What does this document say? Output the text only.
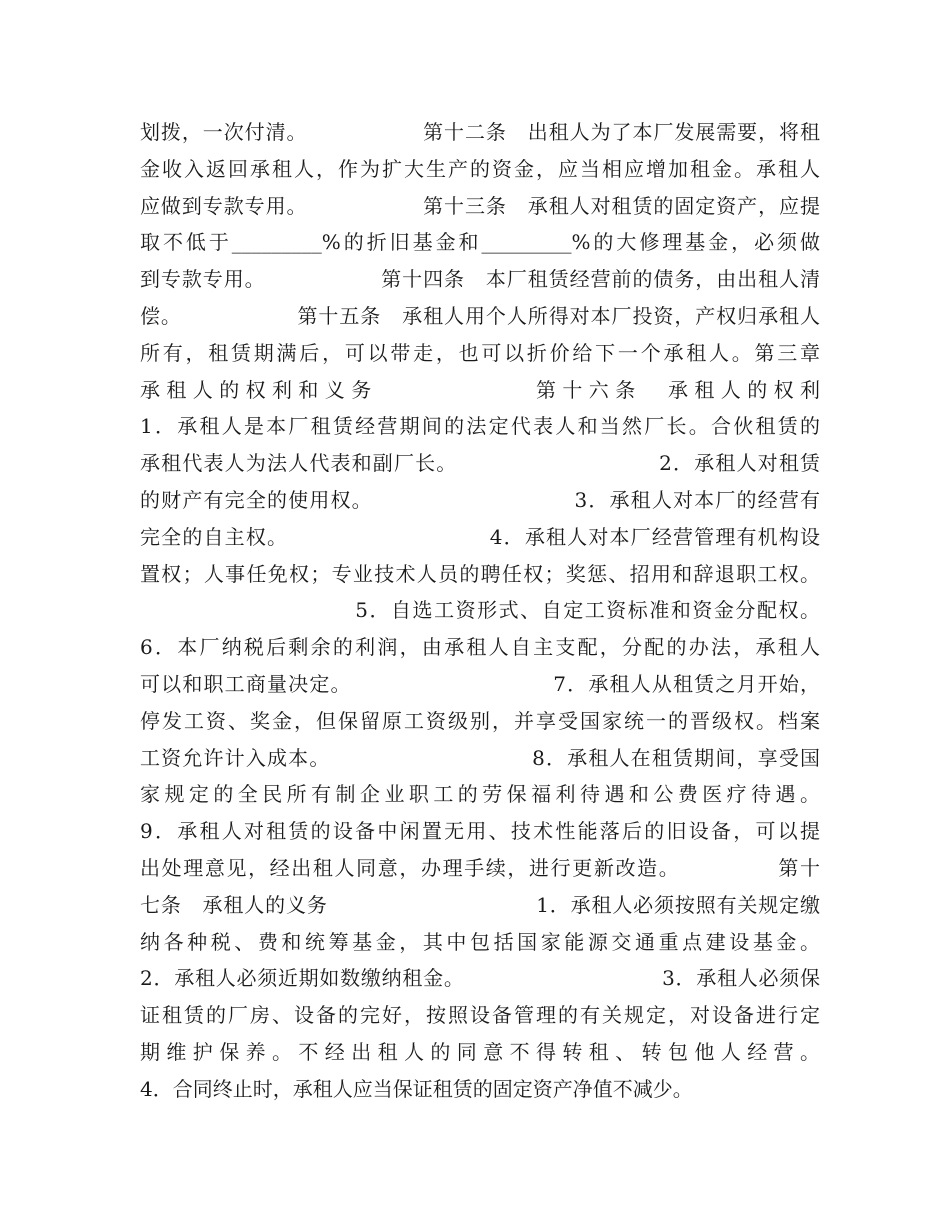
划拨，一次付清。　　　　　　第十二条　出租人为了本厂发展需要，将租
金收入返回承租人，作为扩大生产的资金，应当相应增加租金。承租人
应做到专款专用。　　　　　　第十三条　承租人对租赁的固定资产，应提
取不低于_________%的折旧基金和_________%的大修理基金，必须做
到专款专用。　　　　　　第十四条　本厂租赁经营前的债务，由出租人清
偿。　　　　　　第十五条　承租人用个人所得对本厂投资，产权归承租人
所有，租赁期满后，可以带走，也可以折价给下一个承租人。第三章
承租人的权利和义务　　　　　　第十六条　承租人的权利
1．承租人是本厂租赁经营期间的法定代表人和当然厂长。合伙租赁的
承租代表人为法人代表和副厂长。　　　　　　　　　　2．承租人对租赁
的财产有完全的使用权。　　　　　　　　　　3．承租人对本厂的经营有
完全的自主权。　　　　　　　　　　4．承租人对本厂经营管理有机构设
置权；人事任免权；专业技术人员的聘任权；奖惩、招用和辞退职工权。
　　　　　　　　　　5．自选工资形式、自定工资标准和资金分配权。
6．本厂纳税后剩余的利润，由承租人自主支配，分配的办法，承租人
可以和职工商量决定。　　　　　　　　　　7．承租人从租赁之月开始，
停发工资、奖金，但保留原工资级别，并享受国家统一的晋级权。档案
工资允许计入成本。　　　　　　　　　　8．承租人在租赁期间，享受国
家规定的全民所有制企业职工的劳保福利待遇和公费医疗待遇。
9．承租人对租赁的设备中闲置无用、技术性能落后的旧设备，可以提
出处理意见，经出租人同意，办理手续，进行更新改造。　　　　　第十
七条　承租人的义务　　　　　　　　　　1．承租人必须按照有关规定缴
纳各种税、费和统筹基金，其中包括国家能源交通重点建设基金。
2．承租人必须近期如数缴纳租金。　　　　　　　　　　3．承租人必须保
证租赁的厂房、设备的完好，按照设备管理的有关规定，对设备进行定
期维护保养。不经出租人的同意不得转租、转包他人经营。
4．合同终止时，承租人应当保证租赁的固定资产净值不减少。
